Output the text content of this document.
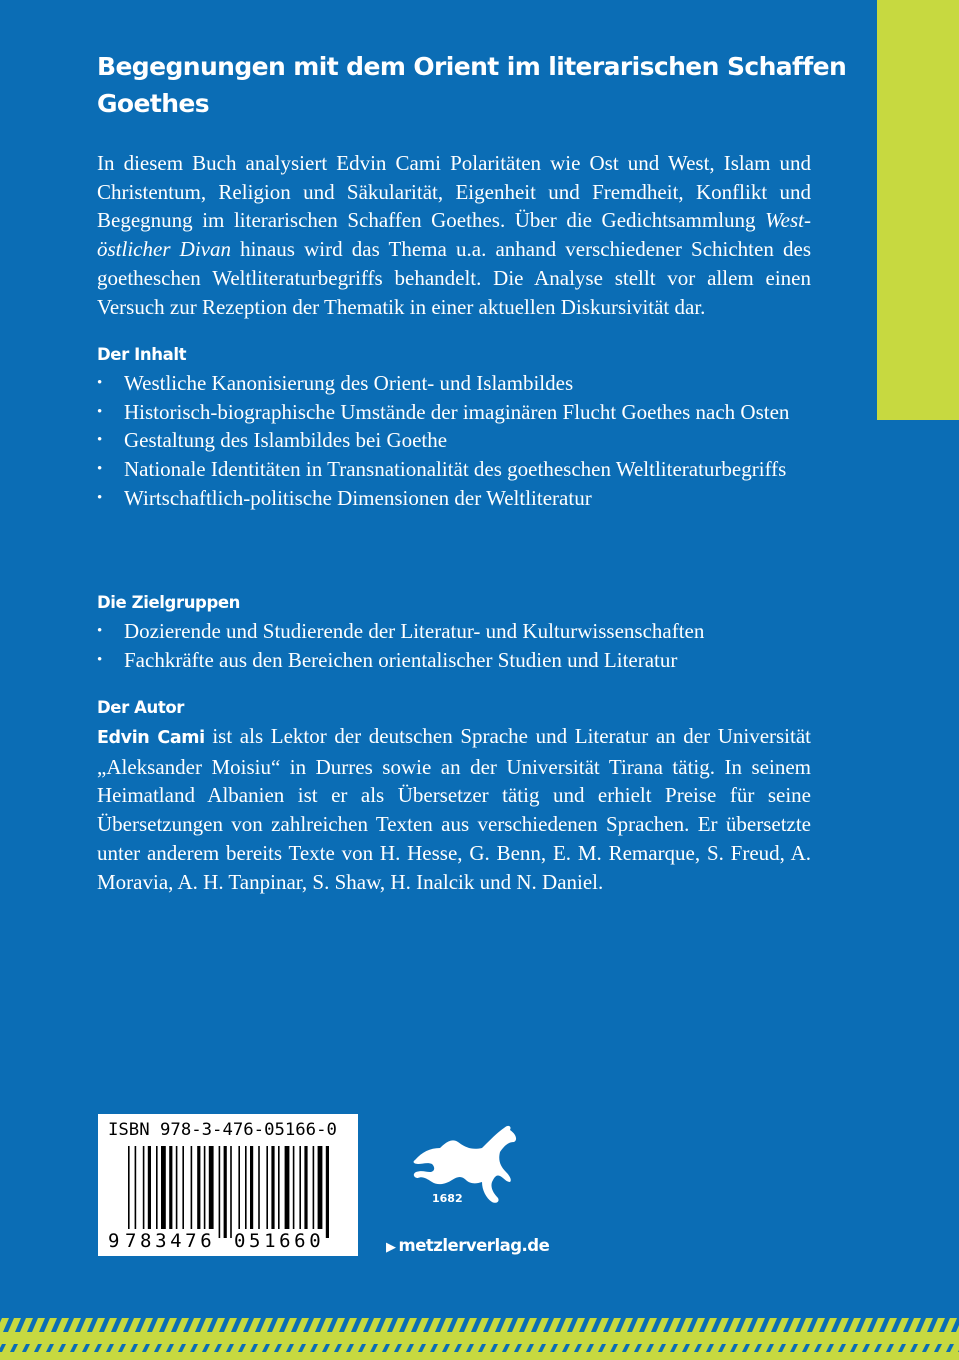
Begegnungen mit dem Orient im literarischen Schaffen Goethes

In diesem Buch analysiert Edvin Cami Polaritäten wie Ost und West, Islam und Christentum, Religion und Säkularität, Eigenheit und Fremdheit, Konflikt und Begegnung im literarischen Schaffen Goethes. Über die Gedichtsammlung West-östlicher Divan hinaus wird das Thema u.a. anhand verschiedener Schichten des goetheschen Weltliteraturbegriffs behandelt. Die Analyse stellt vor allem einen Versuch zur Rezeption der Thematik in einer aktuellen Diskursivität dar.

Der Inhalt
•	Westliche Kanonisierung des Orient- und Islambildes
•	Historisch-biographische Umstände der imaginären Flucht Goethes nach Osten
•	Gestaltung des Islambildes bei Goethe
•	Nationale Identitäten in Transnationalität des goetheschen Weltliteraturbegriffs
•	Wirtschaftlich-politische Dimensionen der Weltliteratur
Die Zielgruppen
•	Dozierende und Studierende der Literatur- und Kulturwissenschaften
•	Fachkräfte aus den Bereichen orientalischer Studien und Literatur
Der Autor

Edvin Cami ist als Lektor der deutschen Sprache und Literatur an der Universität „Aleksander Moisiu“ in Durres sowie an der Universität Tirana tätig. In seinem Heimatland Albanien ist er als Übersetzer tätig und erhielt Preise für seine Übersetzungen von zahlreichen Texten aus verschiedenen Sprachen. Er übersetzte unter anderem bereits Texte von H. Hesse, G. Benn, E. M. Remarque, S. Freud, A. Moravia, A. H. Tanpinar, S. Shaw, H. Inalcik und N. Daniel.

ISBN 978-3-476-05166-0
9 783476 051660
1682
▶ metzlerverlag.de
